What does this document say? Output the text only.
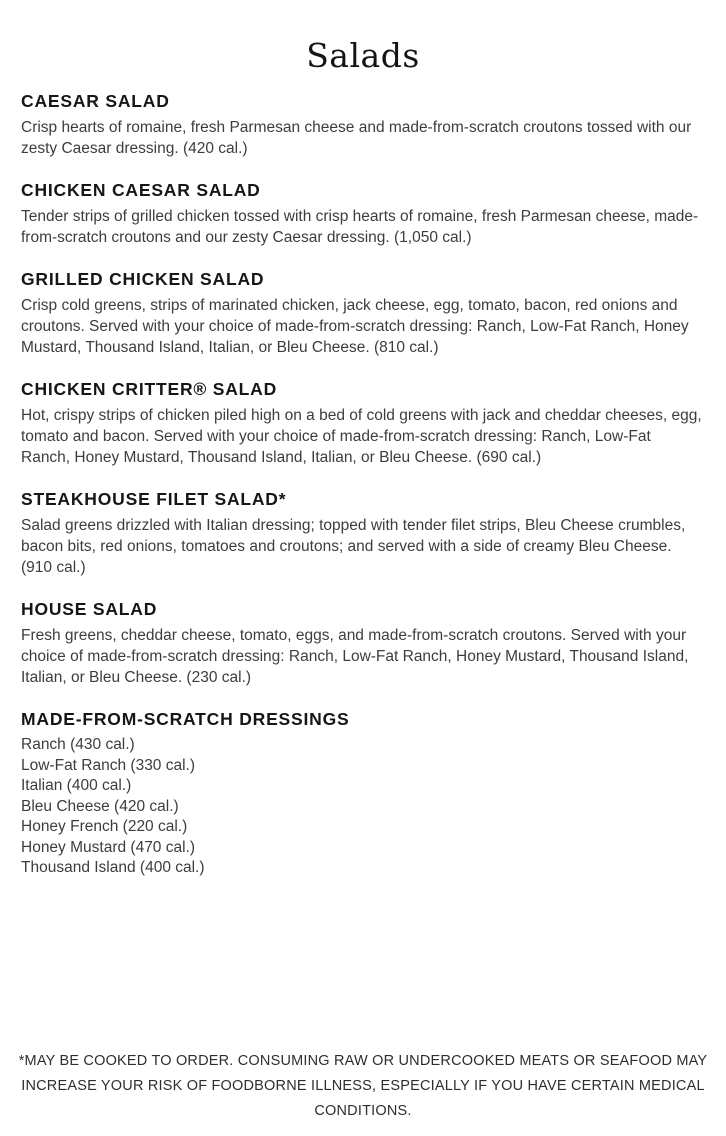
Salads
CAESAR SALAD

Crisp hearts of romaine, fresh Parmesan cheese and made-from-scratch croutons tossed with our zesty Caesar dressing. (420 cal.)

CHICKEN CAESAR SALAD

Tender strips of grilled chicken tossed with crisp hearts of romaine, fresh Parmesan cheese, made-from-scratch croutons and our zesty Caesar dressing. (1,050 cal.)

GRILLED CHICKEN SALAD

Crisp cold greens, strips of marinated chicken, jack cheese, egg, tomato, bacon, red onions and croutons. Served with your choice of made-from-scratch dressing: Ranch, Low-Fat Ranch, Honey Mustard, Thousand Island, Italian, or Bleu Cheese. (810 cal.)

CHICKEN CRITTER® SALAD

Hot, crispy strips of chicken piled high on a bed of cold greens with jack and cheddar cheeses, egg, tomato and bacon. Served with your choice of made-from-scratch dressing: Ranch, Low-Fat Ranch, Honey Mustard, Thousand Island, Italian, or Bleu Cheese. (690 cal.)

STEAKHOUSE FILET SALAD*

Salad greens drizzled with Italian dressing; topped with tender filet strips, Bleu Cheese crumbles, bacon bits, red onions, tomatoes and croutons; and served with a side of creamy Bleu Cheese. (910 cal.)

HOUSE SALAD

Fresh greens, cheddar cheese, tomato, eggs, and made-from-scratch croutons. Served with your choice of made-from-scratch dressing: Ranch, Low-Fat Ranch, Honey Mustard, Thousand Island, Italian, or Bleu Cheese. (230 cal.)

MADE-FROM-SCRATCH DRESSINGS
Ranch (430 cal.)
Low-Fat Ranch (330 cal.)
Italian (400 cal.)
Bleu Cheese (420 cal.)
Honey French (220 cal.)
Honey Mustard (470 cal.)
Thousand Island (400 cal.)

*MAY BE COOKED TO ORDER. CONSUMING RAW OR UNDERCOOKED MEATS OR SEAFOOD MAY INCREASE YOUR RISK OF FOODBORNE ILLNESS, ESPECIALLY IF YOU HAVE CERTAIN MEDICAL CONDITIONS.
